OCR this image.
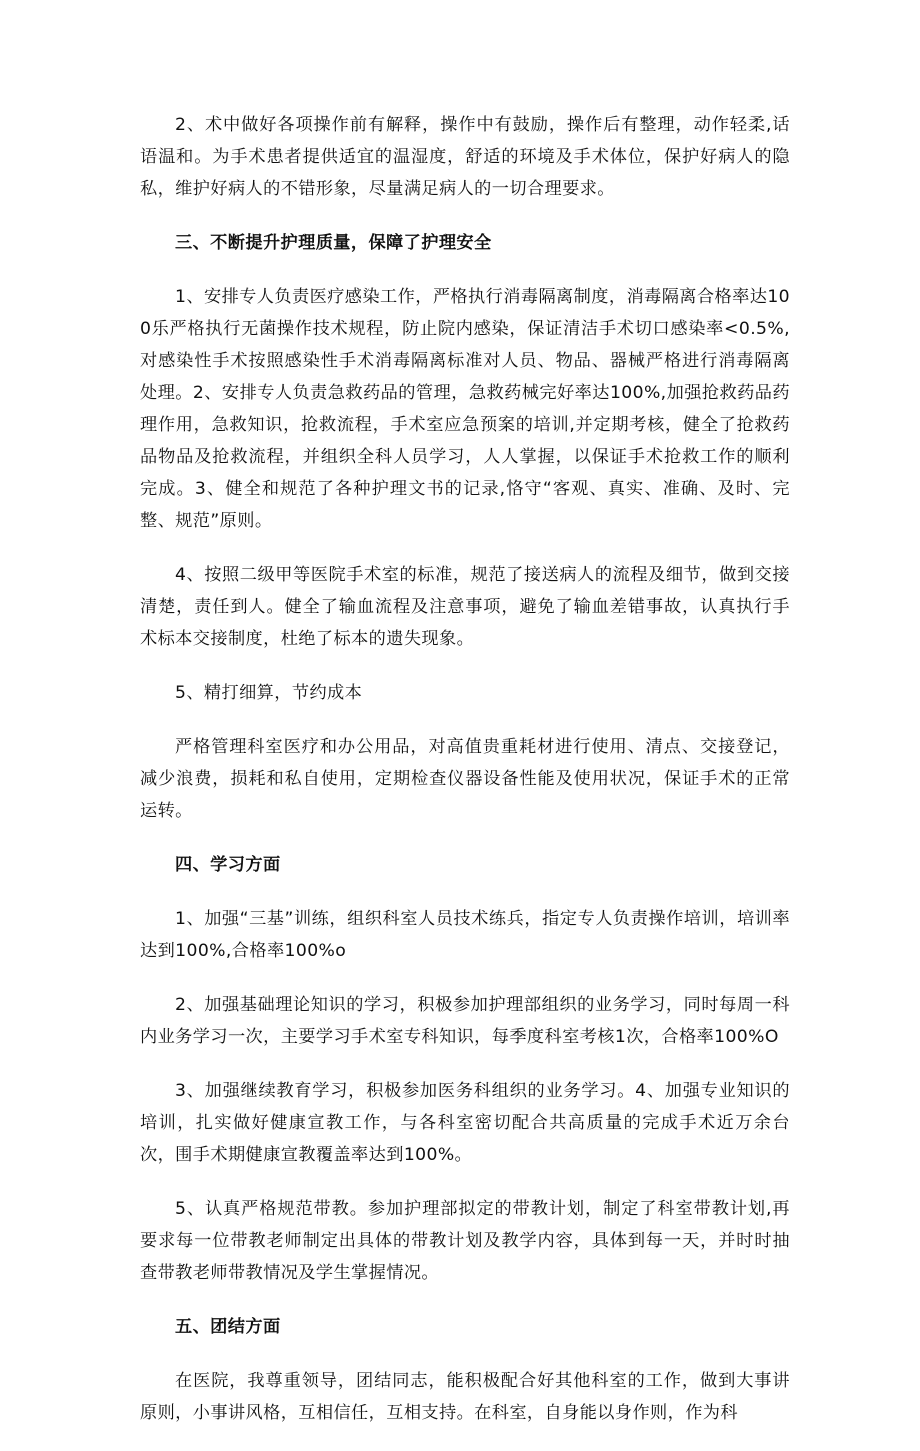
2、术中做好各项操作前有解释，操作中有鼓励，操作后有整理，动作轻柔,话语温和。为手术患者提供适宜的温湿度，舒适的环境及手术体位，保护好病人的隐私，维护好病人的不错形象，尽量满足病人的一切合理要求。

三、不断提升护理质量，保障了护理安全

1、安排专人负责医疗感染工作，严格执行消毒隔离制度，消毒隔离合格率达100乐严格执行无菌操作技术规程，防止院内感染，保证清洁手术切口感染率<0.5%,对感染性手术按照感染性手术消毒隔离标准对人员、物品、器械严格进行消毒隔离处理。2、安排专人负责急救药品的管理，急救药械完好率达100%,加强抢救药品药理作用，急救知识，抢救流程，手术室应急预案的培训,并定期考核，健全了抢救药品物品及抢救流程，并组织全科人员学习，人人掌握，以保证手术抢救工作的顺利完成。3、健全和规范了各种护理文书的记录,恪守“客观、真实、准确、及时、完整、规范”原则。

4、按照二级甲等医院手术室的标准，规范了接送病人的流程及细节，做到交接清楚，责任到人。健全了输血流程及注意事项，避免了输血差错事故，认真执行手术标本交接制度，杜绝了标本的遗失现象。

5、精打细算，节约成本

严格管理科室医疗和办公用品，对高值贵重耗材进行使用、清点、交接登记，减少浪费，损耗和私自使用，定期检查仪器设备性能及使用状况，保证手术的正常运转。

四、学习方面

1、加强“三基”训练，组织科室人员技术练兵，指定专人负责操作培训，培训率达到100%,合格率100%o

2、加强基础理论知识的学习，积极参加护理部组织的业务学习，同时每周一科内业务学习一次，主要学习手术室专科知识，每季度科室考核1次，合格率100%O

3、加强继续教育学习，积极参加医务科组织的业务学习。4、加强专业知识的培训，扎实做好健康宣教工作，与各科室密切配合共高质量的完成手术近万余台次，围手术期健康宣教覆盖率达到100%。

5、认真严格规范带教。参加护理部拟定的带教计划，制定了科室带教计划,再要求每一位带教老师制定出具体的带教计划及教学内容，具体到每一天，并时时抽查带教老师带教情况及学生掌握情况。

五、团结方面

在医院，我尊重领导，团结同志，能积极配合好其他科室的工作，做到大事讲原则，小事讲风格，互相信任，互相支持。在科室，自身能以身作则，作为科
